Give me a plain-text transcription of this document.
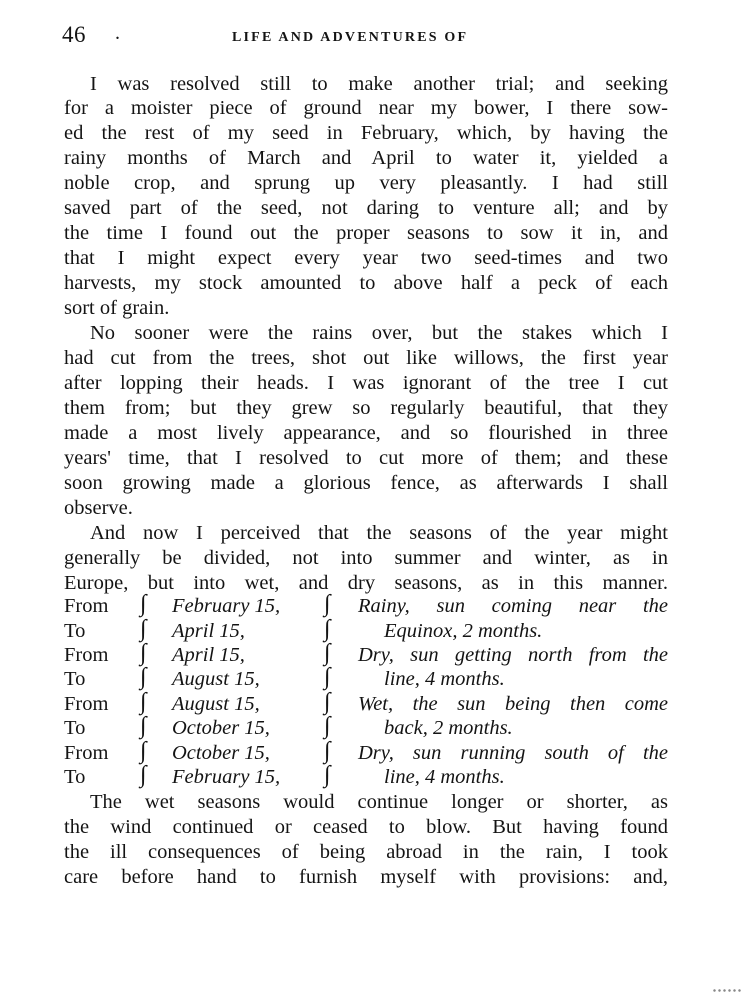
46 .	LIFE AND ADVENTURES OF
I was resolved still to make another trial; and seeking
for a moister piece of ground near my bower, I there sow-
ed the rest of my seed in February, which, by having the
rainy months of March and April to water it, yielded a
noble crop, and sprung up very pleasantly. I had still
saved part of the seed, not daring to venture all; and by
the time I found out the proper seasons to sow it in, and
that I might expect every year two seed-times and two
harvests, my stock amounted to above half a peck of each
sort of grain.
No sooner were the rains over, but the stakes which I
had cut from the trees, shot out like willows, the first year
after lopping their heads. I was ignorant of the tree I cut
them from; but they grew so regularly beautiful, that they
made a most lively appearance, and so flourished in three
years' time, that I resolved to cut more of them; and these
soon growing made a glorious fence, as afterwards I shall
observe.
And now I perceived that the seasons of the year might
generally be divided, not into summer and winter, as in
Europe, but into wet, and dry seasons, as in this manner.
From ∫ February 15, ∫ Rainy, sun coming near the
To ∫ April 15,	∫	Equinox, 2 months.
From ∫ April 15,	∫ Dry, sun getting north from the
To ∫ August 15,	∫	line, 4 months.
From ∫ August 15,	∫ Wet, the sun being then come
To ∫ October 15, ∫	back, 2 months.
From ∫ October 15, ∫ Dry, sun running south of the
To ∫ February 15, ∫	line, 4 months.
The wet seasons would continue longer or shorter, as
the wind continued or ceased to blow. But having found
the ill consequences of being abroad in the rain, I took
care before hand to furnish myself with provisions: and,
